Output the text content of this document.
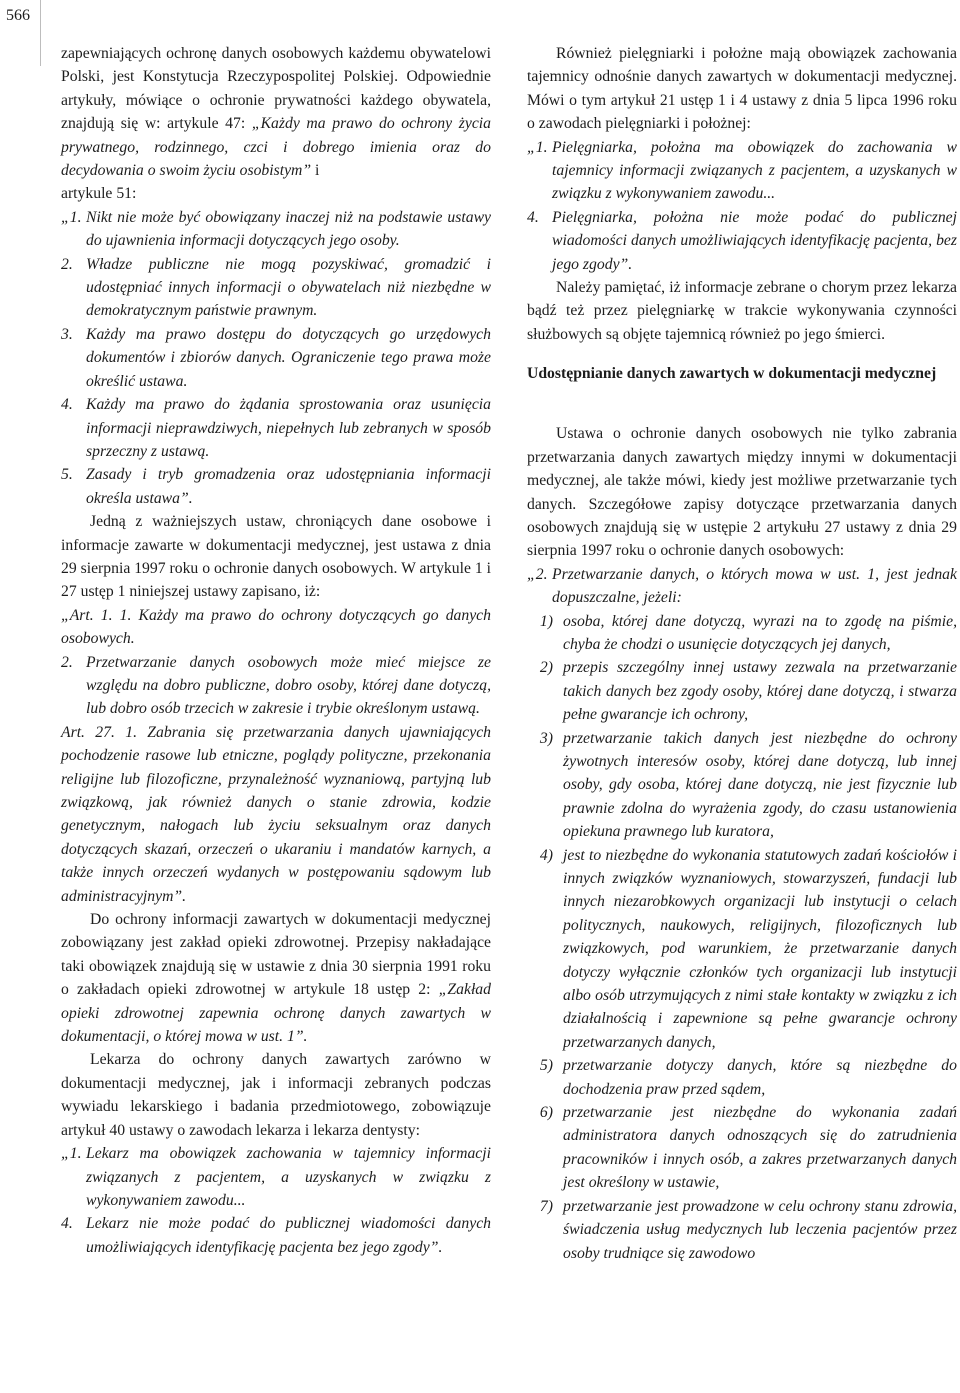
566

zapewniających ochronę danych osobowych każdemu obywatelowi Polski, jest Konstytucja Rzeczypospolitej Polskiej. Odpowiednie artykuły, mówiące o ochronie prywatności każdego obywatela, znajdują się w: artykule 47: „Każdy ma prawo do ochrony życia prywatnego, rodzinnego, czci i dobrego imienia oraz do decydowania o swoim życiu osobistym” i

artykule 51:

„1. Nikt nie może być obowiązany inaczej niż na podstawie ustawy do ujawnienia informacji dotyczących jego osoby.
2. Władze publiczne nie mogą pozyskiwać, gromadzić i udostępniać innych informacji o obywatelach niż niezbędne w demokratycznym państwie prawnym.
3. Każdy ma prawo dostępu do dotyczących go urzędowych dokumentów i zbiorów danych. Ograniczenie tego prawa może określić ustawa.
4. Każdy ma prawo do żądania sprostowania oraz usunięcia informacji nieprawdziwych, niepełnych lub zebranych w sposób sprzeczny z ustawą.
5. Zasady i tryb gromadzenia oraz udostępniania informacji określa ustawa”.

Jedną z ważniejszych ustaw, chroniących dane osobowe i informacje zawarte w dokumentacji medycznej, jest ustawa z dnia 29 sierpnia 1997 roku o ochronie danych osobowych. W artykule 1 i 27 ustęp 1 niniejszej ustawy zapisano, iż:

„Art. 1. 1. Każdy ma prawo do ochrony dotyczących go danych osobowych.

2. Przetwarzanie danych osobowych może mieć miejsce ze względu na dobro publiczne, dobro osoby, której dane dotyczą, lub dobro osób trzecich w zakresie i trybie określonym ustawą.

Art. 27. 1. Zabrania się przetwarzania danych ujawniających pochodzenie rasowe lub etniczne, poglądy polityczne, przekonania religijne lub filozoficzne, przynależność wyznaniową, partyjną lub związkową, jak również danych o stanie zdrowia, kodzie genetycznym, nałogach lub życiu seksualnym oraz danych dotyczących skazań, orzeczeń o ukaraniu i mandatów karnych, a także innych orzeczeń wydanych w postępowaniu sądowym lub administracyjnym”.

Do ochrony informacji zawartych w dokumentacji medycznej zobowiązany jest zakład opieki zdrowotnej. Przepisy nakładające taki obowiązek znajdują się w ustawie z dnia 30 sierpnia 1991 roku o zakładach opieki zdrowotnej w artykule 18 ustęp 2: „Zakład opieki zdrowotnej zapewnia ochronę danych zawartych w dokumentacji, o której mowa w ust. 1”.

Lekarza do ochrony danych zawartych zarówno w dokumentacji medycznej, jak i informacji zebranych podczas wywiadu lekarskiego i badania przedmiotowego, zobowiązuje artykuł 40 ustawy o zawodach lekarza i lekarza dentysty:

„1. Lekarz ma obowiązek zachowania w tajemnicy informacji związanych z pacjentem, a uzyskanych w związku z wykonywaniem zawodu...
4. Lekarz nie może podać do publicznej wiadomości danych umożliwiających identyfikację pacjenta bez jego zgody”.

Również pielęgniarki i położne mają obowiązek zachowania tajemnicy odnośnie danych zawartych w dokumentacji medycznej. Mówi o tym artykuł 21 ustęp 1 i 4 ustawy z dnia 5 lipca 1996 roku o zawodach pielęgniarki i położnej:

„1. Pielęgniarka, położna ma obowiązek do zachowania w tajemnicy informacji związanych z pacjentem, a uzyskanych w związku z wykonywaniem zawodu...
4. Pielęgniarka, położna nie może podać do publicznej wiadomości danych umożliwiających identyfikację pacjenta, bez jego zgody”.

Należy pamiętać, iż informacje zebrane o chorym przez lekarza bądź też przez pielęgniarkę w trakcie wykonywania czynności służbowych są objęte tajemnicą również po jego śmierci.

Udostępnianie danych zawartych w dokumentacji medycznej

Ustawa o ochronie danych osobowych nie tylko zabrania przetwarzania danych zawartych między innymi w dokumentacji medycznej, ale także mówi, kiedy jest możliwe przetwarzanie tych danych. Szczegółowe zapisy dotyczące przetwarzania danych osobowych znajdują się w ustępie 2 artykułu 27 ustawy z dnia 29 sierpnia 1997 roku o ochronie danych osobowych:

„2. Przetwarzanie danych, o których mowa w ust. 1, jest jednak dopuszczalne, jeżeli:
1) osoba, której dane dotyczą, wyrazi na to zgodę na piśmie, chyba że chodzi o usunięcie dotyczących jej danych,
2) przepis szczególny innej ustawy zezwala na przetwarzanie takich danych bez zgody osoby, której dane dotyczą, i stwarza pełne gwarancje ich ochrony,
3) przetwarzanie takich danych jest niezbędne do ochrony żywotnych interesów osoby, której dane dotyczą, lub innej osoby, gdy osoba, której dane dotyczą, nie jest fizycznie lub prawnie zdolna do wyrażenia zgody, do czasu ustanowienia opiekuna prawnego lub kuratora,
4) jest to niezbędne do wykonania statutowych zadań kościołów i innych związków wyznaniowych, stowarzyszeń, fundacji lub innych niezarobkowych organizacji lub instytucji o celach politycznych, naukowych, religijnych, filozoficznych lub związkowych, pod warunkiem, że przetwarzanie danych dotyczy wyłącznie członków tych organizacji lub instytucji albo osób utrzymujących z nimi stałe kontakty w związku z ich działalnością i zapewnione są pełne gwarancje ochrony przetwarzanych danych,
5) przetwarzanie dotyczy danych, które są niezbędne do dochodzenia praw przed sądem,
6) przetwarzanie jest niezbędne do wykonania zadań administratora danych odnoszących się do zatrudnienia pracowników i innych osób, a zakres przetwarzanych danych jest określony w ustawie,
7) przetwarzanie jest prowadzone w celu ochrony stanu zdrowia, świadczenia usług medycznych lub leczenia pacjentów przez osoby trudniące się zawodowo
